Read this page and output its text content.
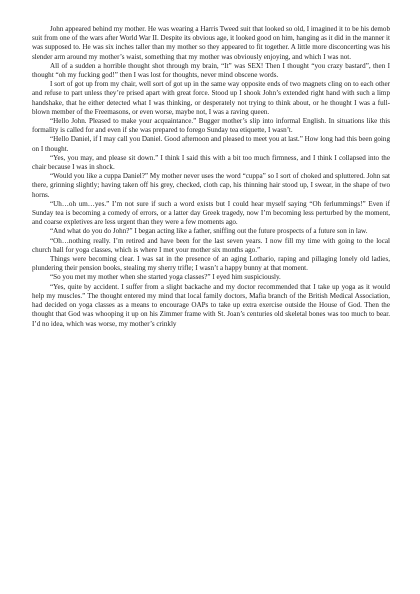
John appeared behind my mother. He was wearing a Harris Tweed suit that looked so old, I imagined it to be his demob suit from one of the wars after World War II. Despite its obvious age, it looked good on him, hanging as it did in the manner it was supposed to. He was six inches taller than my mother so they appeared to fit together. A little more disconcerting was his slender arm around my mother’s waist, something that my mother was obviously enjoying, and which I was not.

All of a sudden a horrible thought shot through my brain, “It” was SEX! Then I thought “you crazy bastard”, then I thought “oh my fucking god!” then I was lost for thoughts, never mind obscene words.

I sort of got up from my chair, well sort of got up in the same way opposite ends of two magnets cling on to each other and refuse to part unless they’re prised apart with great force. Stood up I shook John’s extended right hand with such a limp handshake, that he either detected what I was thinking, or desperately not trying to think about, or he thought I was a full-blown member of the Freemasons, or even worse, maybe not, I was a raving queen.

“Hello John. Pleased to make your acquaintance.” Bugger mother’s slip into informal English. In situations like this formality is called for and even if she was prepared to forego Sunday tea etiquette, I wasn’t.

“Hello Daniel, if I may call you Daniel. Good afternoon and pleased to meet you at last.” How long had this been going on I thought.

“Yes, you may, and please sit down.” I think I said this with a bit too much firmness, and I think I collapsed into the chair because I was in shock.

“Would you like a cuppa Daniel?” My mother never uses the word “cuppa” so I sort of choked and spluttered. John sat there, grinning slightly; having taken off his grey, checked, cloth cap, his thinning hair stood up, I swear, in the shape of two horns.

“Uh…oh um…yes.” I’m not sure if such a word exists but I could hear myself saying “Oh ferlummings!” Even if Sunday tea is becoming a comedy of errors, or a latter day Greek tragedy, now I’m becoming less perturbed by the moment, and coarse expletives are less urgent than they were a few moments ago.

“And what do you do John?” I began acting like a father, sniffing out the future prospects of a future son in law.

“Oh…nothing really. I’m retired and have been for the last seven years. I now fill my time with going to the local church hall for yoga classes, which is where I met your mother six months ago.”

Things were becoming clear. I was sat in the presence of an aging Lothario, raping and pillaging lonely old ladies, plundering their pension books, stealing my sherry trifle; I wasn’t a happy bunny at that moment.

“So you met my mother when she started yoga classes?” I eyed him suspiciously.

“Yes, quite by accident. I suffer from a slight backache and my doctor recommended that I take up yoga as it would help my muscles.” The thought entered my mind that local family doctors, Mafia branch of the British Medical Association, had decided on yoga classes as a means to encourage OAPs to take up extra exercise outside the House of God. Then the thought that God was whooping it up on his Zimmer frame with St. Joan’s centuries old skeletal bones was too much to bear. I’d no idea, which was worse, my mother’s crinkly
